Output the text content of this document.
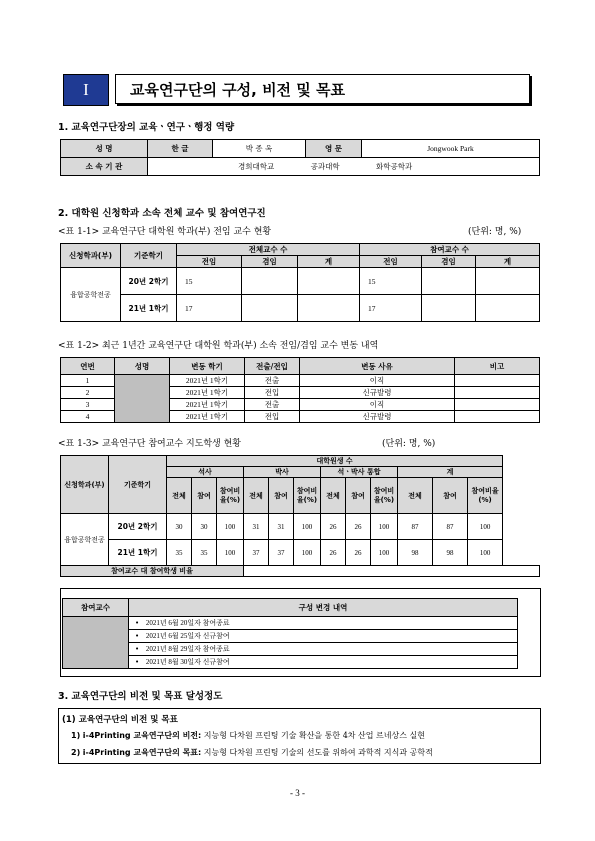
I	교육연구단의 구성, 비전 및 목표
1. 교육연구단장의 교육ㆍ연구ㆍ행정 역량
성 명	한 글	박 종 옥	영 문	Jongwook Park
소 속 기 관	경희대학교 공과대학 화학공학과			
2. 대학원 신청학과 소속 전체 교수 및 참여연구진
<표 1-1> 교육연구단 대학원 학과(부) 전임 교수 현황	(단위: 명, %)
신청학과(부)	기준학기	전체교수 수			참여교수 수		
		전임	겸임	계	전임	겸임	계
융합공학전공	20년 2학기	15			15		
	21년 1학기	17			17		
<표 1-2> 최근 1년간 교육연구단 대학원 학과(부) 소속 전임/겸임 교수 변동 내역
연번	성명	변동 학기	전출/전입	변동 사유	비고
1		2021년 1학기	전출	이직	
2		2021년 1학기	전입	신규발령	
3		2021년 1학기	전출	이직	
4		2021년 1학기	전입	신규발령	
<표 1-3> 교육연구단 참여교수 지도학생 현황	(단위: 명, %)
신청학과(부)	기준학기	대학원생 수												
		석사			박사			석ㆍ박사 통합			계			
		전체	참여	참여비율(%)	전체	참여	참여비율(%)	전체	참여	참여비율(%)	전체	참여	참여비율(%)	
융합공학전공	20년 2학기	30	30	100	31	31	100	26	26	100	87	87	100	
	21년 1학기	35	35	100	37	37	100	26	26	100	98	98	100	
참여교수 대 참여학생 비율														
참여교수	구성 변경 내역
	•   2021년 6월 20일자 참여종료
	•   2021년 6월 25일자 신규참여
	•   2021년 8월 29일자 참여종료
	•   2021년 8월 30일자 신규참여
3. 교육연구단의 비전 및 목표 달성정도
(1) 교육연구단의 비전 및 목표
1) i-4Printing 교육연구단의 비전: 지능형 다차원 프린팅 기술 확산을 통한 4차 산업 르네상스 실현
2) i-4Printing 교육연구단의 목표: 지능형 다차원 프린팅 기술의 선도를 위하여 과학적 지식과 공학적
- 3 -
